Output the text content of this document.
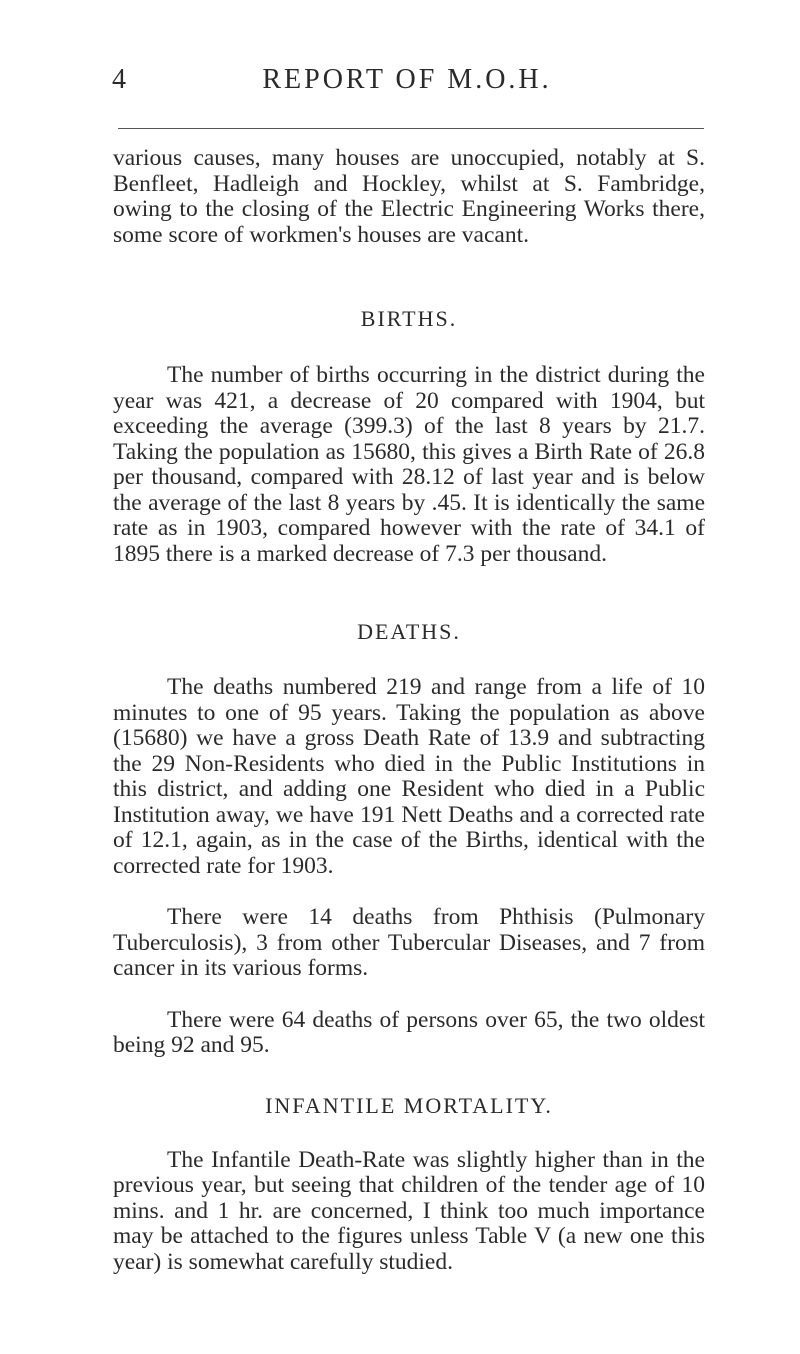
4	REPORT OF M.O.H.

various causes, many houses are unoccupied, notably at S. Benfleet, Hadleigh and Hockley, whilst at S. Fambridge, owing to the closing of the Electric Engineering Works there, some score of workmen's houses are vacant.

BIRTHS.

The number of births occurring in the district during the year was 421, a decrease of 20 compared with 1904, but exceeding the average (399.3) of the last 8 years by 21.7. Taking the population as 15680, this gives a Birth Rate of 26.8 per thousand, compared with 28.12 of last year and is below the average of the last 8 years by .45. It is identically the same rate as in 1903, compared however with the rate of 34.1 of 1895 there is a marked decrease of 7.3 per thousand.

DEATHS.

The deaths numbered 219 and range from a life of 10 minutes to one of 95 years. Taking the population as above (15680) we have a gross Death Rate of 13.9 and subtracting the 29 Non-Residents who died in the Public Institutions in this district, and adding one Resident who died in a Public Institution away, we have 191 Nett Deaths and a corrected rate of 12.1, again, as in the case of the Births, identical with the corrected rate for 1903.

There were 14 deaths from Phthisis (Pulmonary Tuberculosis), 3 from other Tubercular Diseases, and 7 from cancer in its various forms.

There were 64 deaths of persons over 65, the two oldest being 92 and 95.

INFANTILE MORTALITY.

The Infantile Death-Rate was slightly higher than in the previous year, but seeing that children of the tender age of 10 mins. and 1 hr. are concerned, I think too much importance may be attached to the figures unless Table V (a new one this year) is somewhat carefully studied.
